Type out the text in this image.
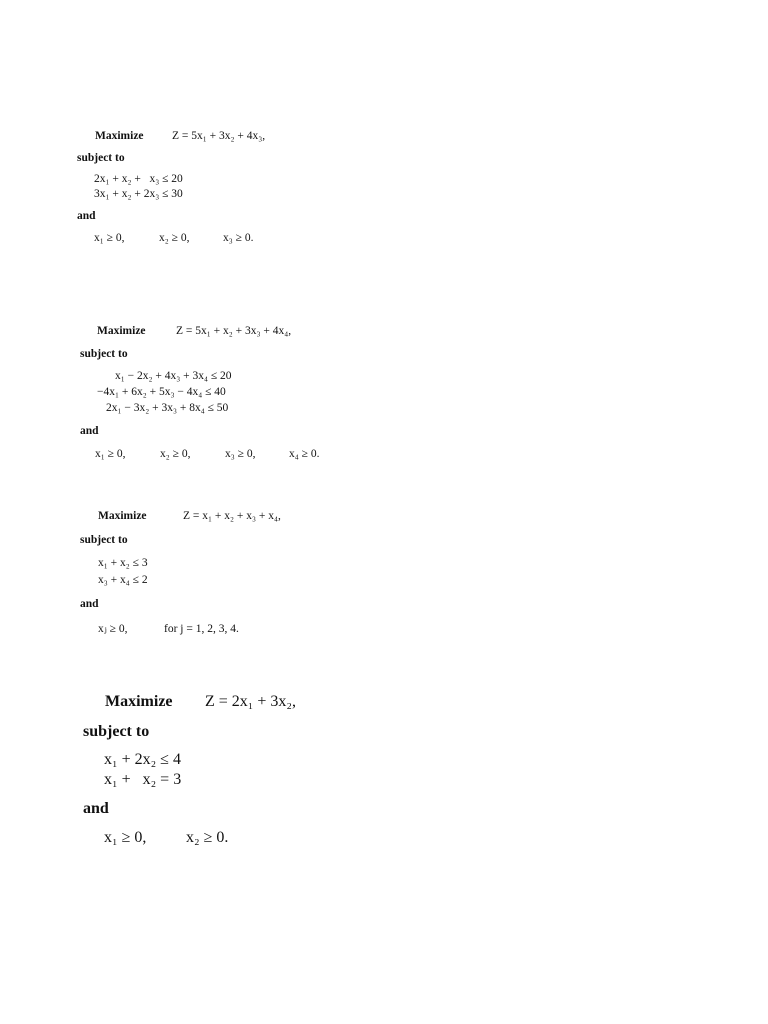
Maximize Z = 5x₁ + 3x₂ + 4x₃,
subject to
2x₁ + x₂ +   x₃ ≤ 20
3x₁ + x₂ + 2x₃ ≤ 30
and
x₁ ≥ 0,	x₂ ≥ 0,	x₃ ≥ 0.
Maximize	Z = 5x₁ + x₂ + 3x₃ + 4x₄,
subject to
x₁ − 2x₂ + 4x₃ + 3x₄ ≤ 20
−4x₁ + 6x₂ + 5x₃ − 4x₄ ≤ 40
2x₁ − 3x₂ + 3x₃ + 8x₄ ≤ 50
and
x₁ ≥ 0,	x₂ ≥ 0,	x₃ ≥ 0,	x₄ ≥ 0.
Maximize	Z = x₁ + x₂ + x₃ + x₄,
subject to
x₁ + x₂ ≤ 3
x₃ + x₄ ≤ 2
and
xⱼ ≥ 0,	for j = 1, 2, 3, 4.
Maximize Z = 2x₁ + 3x₂,
subject to
x₁ + 2x₂ ≤ 4
x₁ +   x₂ = 3
and
x₁ ≥ 0, x₂ ≥ 0.
